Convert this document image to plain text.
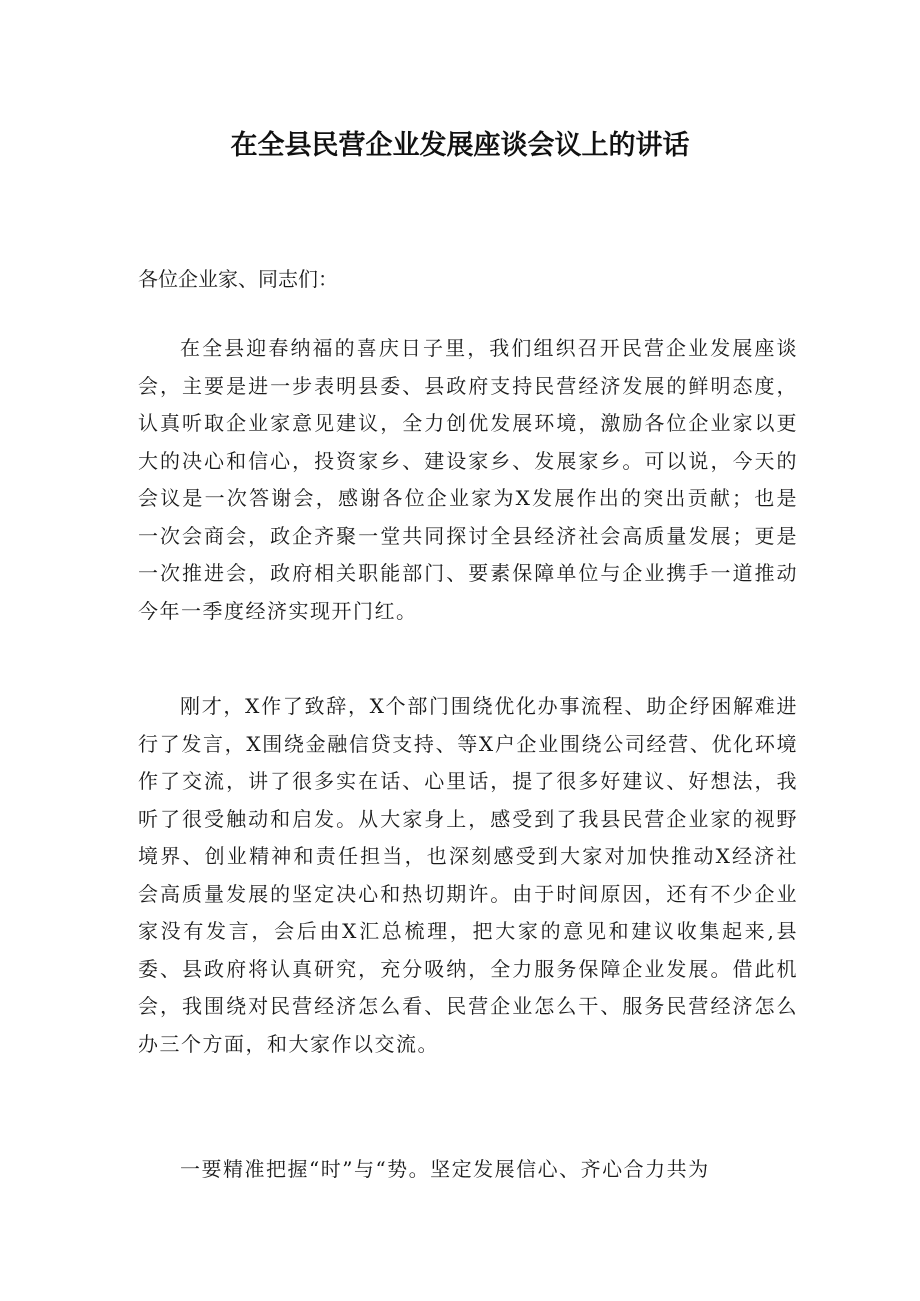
在全县民营企业发展座谈会议上的讲话

各位企业家、同志们：

在全县迎春纳福的喜庆日子里，我们组织召开民营企业发展座谈会，主要是进一步表明县委、县政府支持民营经济发展的鲜明态度，认真听取企业家意见建议，全力创优发展环境，激励各位企业家以更大的决心和信心，投资家乡、建设家乡、发展家乡。可以说，今天的会议是一次答谢会，感谢各位企业家为X发展作出的突出贡献；也是一次会商会，政企齐聚一堂共同探讨全县经济社会高质量发展；更是一次推进会，政府相关职能部门、要素保障单位与企业携手一道推动今年一季度经济实现开门红。

刚才，X作了致辞，X个部门围绕优化办事流程、助企纾困解难进行了发言，X围绕金融信贷支持、等X户企业围绕公司经营、优化环境作了交流，讲了很多实在话、心里话，提了很多好建议、好想法，我听了很受触动和启发。从大家身上，感受到了我县民营企业家的视野境界、创业精神和责任担当，也深刻感受到大家对加快推动X经济社会高质量发展的坚定决心和热切期许。由于时间原因，还有不少企业家没有发言，会后由X汇总梳理，把大家的意见和建议收集起来,县委、县政府将认真研究，充分吸纳，全力服务保障企业发展。借此机会，我围绕对民营经济怎么看、民营企业怎么干、服务民营经济怎么办三个方面，和大家作以交流。

一要精准把握“时”与“势。坚定发展信心、齐心合力共为
